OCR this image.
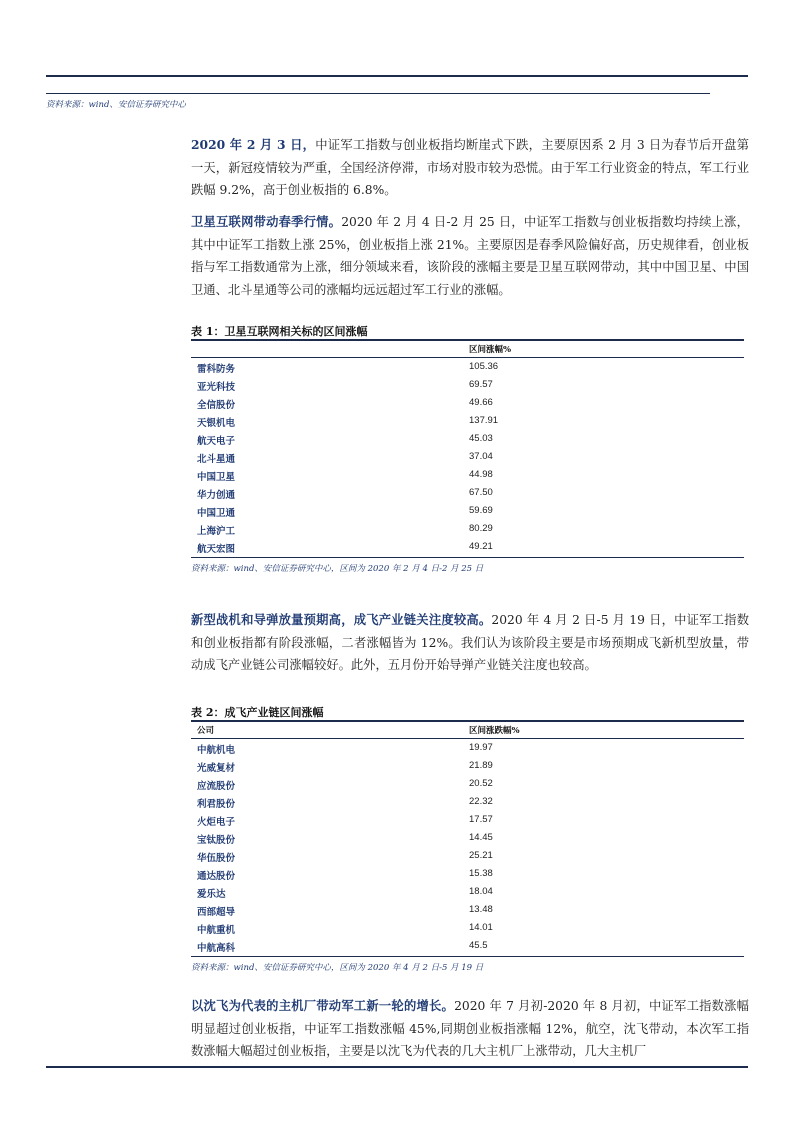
资料来源：wind、安信证券研究中心

2020 年 2 月 3 日，中证军工指数与创业板指均断崖式下跌，主要原因系 2 月 3 日为春节后开盘第一天，新冠疫情较为严重，全国经济停滞，市场对股市较为恐慌。由于军工行业资金的特点，军工行业跌幅 9.2%，高于创业板指的 6.8%。

卫星互联网带动春季行情。2020 年 2 月 4 日-2 月 25 日，中证军工指数与创业板指数均持续上涨，其中中证军工指数上涨 25%，创业板指上涨 21%。主要原因是春季风险偏好高，历史规律看，创业板指与军工指数通常为上涨，细分领域来看，该阶段的涨幅主要是卫星互联网带动，其中中国卫星、中国卫通、北斗星通等公司的涨幅均远远超过军工行业的涨幅。

表 1：卫星互联网相关标的区间涨幅
区间涨幅%
资料来源：wind、安信证券研究中心，区间为 2020 年 2 月 4 日-2 月 25 日
雷科防务	105.36
亚光科技	69.57
全信股份	49.66
天银机电	137.91
航天电子	45.03
北斗星通	37.04
中国卫星	44.98
华力创通	67.50
中国卫通	59.69
上海沪工	80.29
航天宏图	49.21

新型战机和导弹放量预期高，成飞产业链关注度较高。2020 年 4 月 2 日-5 月 19 日，中证军工指数和创业板指都有阶段涨幅，二者涨幅皆为 12%。我们认为该阶段主要是市场预期成飞新机型放量，带动成飞产业链公司涨幅较好。此外，五月份开始导弹产业链关注度也较高。

表 2：成飞产业链区间涨幅
公司	区间涨跌幅%
资料来源：wind、安信证券研究中心，区间为 2020 年 4 月 2 日-5 月 19 日
中航机电	19.97
光威复材	21.89
应流股份	20.52
利君股份	22.32
火炬电子	17.57
宝钛股份	14.45
华伍股份	25.21
通达股份	15.38
爱乐达	18.04
西部超导	13.48
中航重机	14.01
中航高科	45.5

以沈飞为代表的主机厂带动军工新一轮的增长。2020 年 7 月初-2020 年 8 月初，中证军工指数涨幅明显超过创业板指，中证军工指数涨幅 45%,同期创业板指涨幅 12%，航空，沈飞带动，本次军工指数涨幅大幅超过创业板指，主要是以沈飞为代表的几大主机厂上涨带动，几大主机厂
